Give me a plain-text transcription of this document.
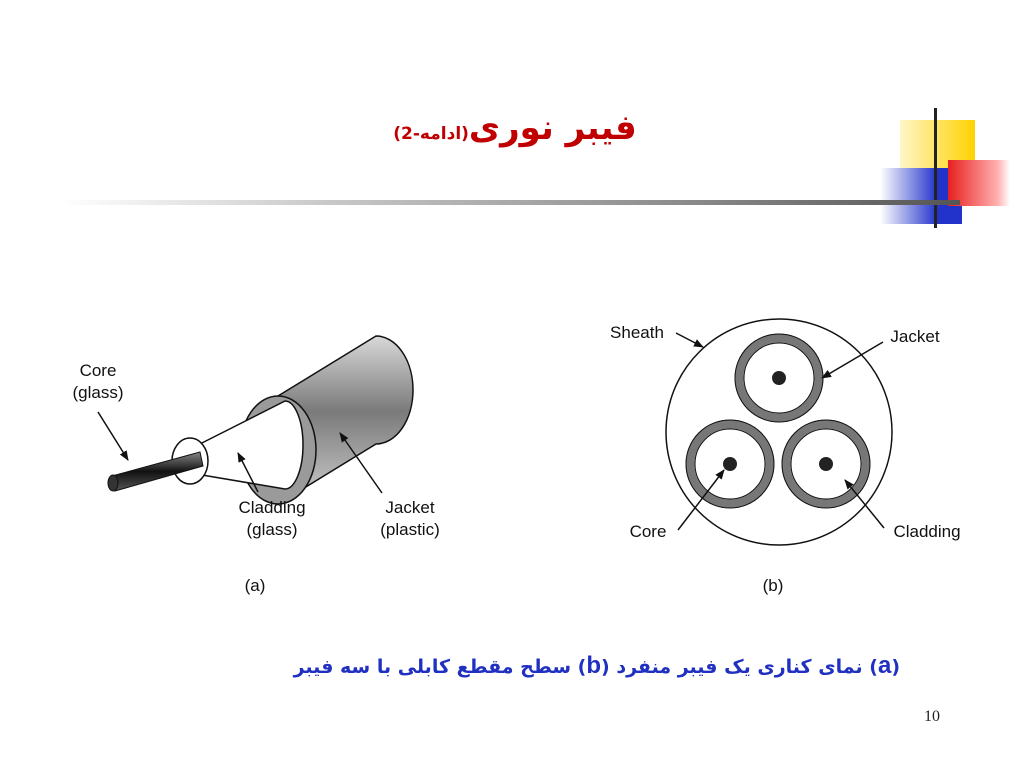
فیبر نوری(ادامه-2)
Core
(glass)
Cladding
(glass)
Jacket
(plastic)
(a)
Sheath	Jacket
Core	Cladding
(b)
(a) نمای کناری یک فیبر منفرد (b) سطح مقطع کابلی با سه فیبر
10
